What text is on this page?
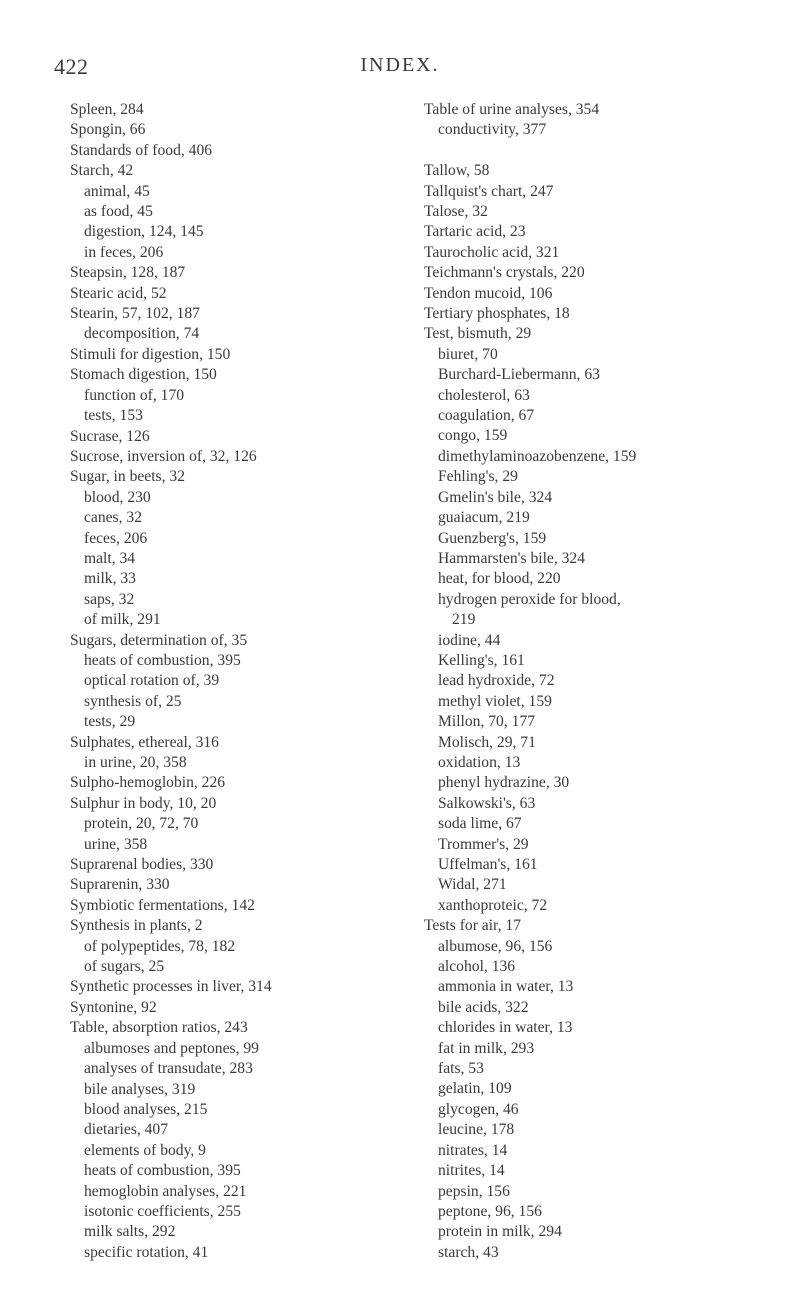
422	INDEX.
Spleen, 284
Spongin, 66
Standards of food, 406
Starch, 42
animal, 45
as food, 45
digestion, 124, 145
in feces, 206
Steapsin, 128, 187
Stearic acid, 52
Stearin, 57, 102, 187
decomposition, 74
Stimuli for digestion, 150
Stomach digestion, 150
function of, 170
tests, 153
Sucrase, 126
Sucrose, inversion of, 32, 126
Sugar, in beets, 32
blood, 230
canes, 32
feces, 206
malt, 34
milk, 33
saps, 32
of milk, 291
Sugars, determination of, 35
heats of combustion, 395
optical rotation of, 39
synthesis of, 25
tests, 29
Sulphates, ethereal, 316
in urine, 20, 358
Sulpho-hemoglobin, 226
Sulphur in body, 10, 20
protein, 20, 72, 70
urine, 358
Suprarenal bodies, 330
Suprarenin, 330
Symbiotic fermentations, 142
Synthesis in plants, 2
of polypeptides, 78, 182
of sugars, 25
Synthetic processes in liver, 314
Syntonine, 92
Table, absorption ratios, 243
albumoses and peptones, 99
analyses of transudate, 283
bile analyses, 319
blood analyses, 215
dietaries, 407
elements of body, 9
heats of combustion, 395
hemoglobin analyses, 221
isotonic coefficients, 255
milk salts, 292
specific rotation, 41
Table of urine analyses, 354
conductivity, 377
Tallow, 58
Tallquist's chart, 247
Talose, 32
Tartaric acid, 23
Taurocholic acid, 321
Teichmann's crystals, 220
Tendon mucoid, 106
Tertiary phosphates, 18
Test, bismuth, 29
biuret, 70
Burchard-Liebermann, 63
cholesterol, 63
coagulation, 67
congo, 159
dimethylaminoazobenzene, 159
Fehling's, 29
Gmelin's bile, 324
guaiacum, 219
Guenzberg's, 159
Hammarsten's bile, 324
heat, for blood, 220
hydrogen peroxide for blood,
219
iodine, 44
Kelling's, 161
lead hydroxide, 72
methyl violet, 159
Millon, 70, 177
Molisch, 29, 71
oxidation, 13
phenyl hydrazine, 30
Salkowski's, 63
soda lime, 67
Trommer's, 29
Uffelman's, 161
Widal, 271
xanthoproteic, 72
Tests for air, 17
albumose, 96, 156
alcohol, 136
ammonia in water, 13
bile acids, 322
chlorides in water, 13
fat in milk, 293
fats, 53
gelatin, 109
glycogen, 46
leucine, 178
nitrates, 14
nitrites, 14
pepsin, 156
peptone, 96, 156
protein in milk, 294
starch, 43
